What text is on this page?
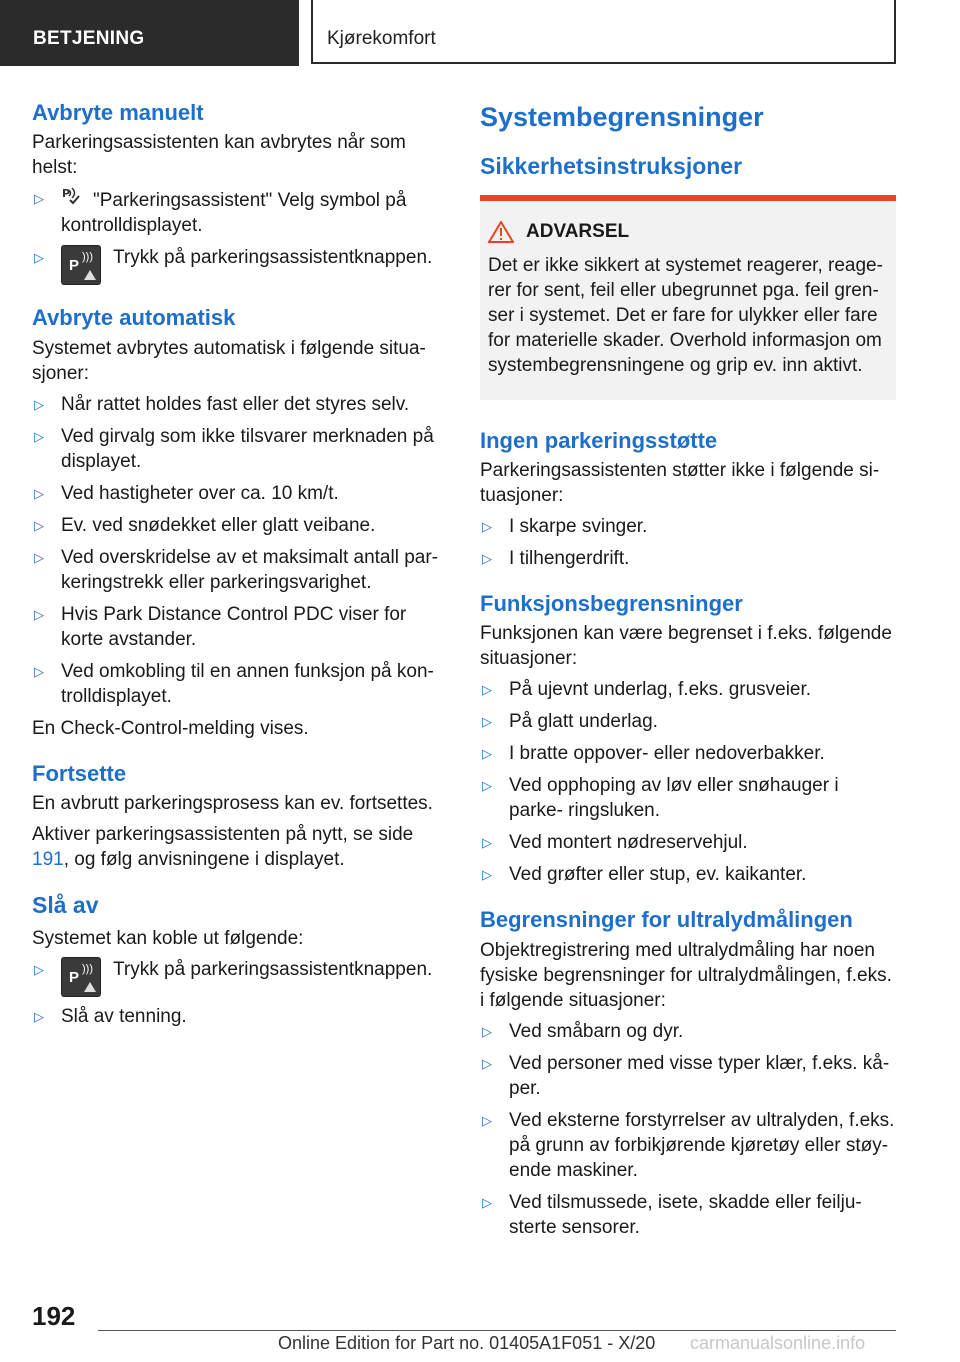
BETJENING	Kjørekomfort
Avbryte manuelt

Parkeringsassistenten kan avbrytes når som helst:

▷ P "Parkeringsassistent" Velg symbol på kontrolldisplayet.
▷ P ))) Trykk på parkeringsassistentknappen.
Avbryte automatisk

Systemet avbrytes automatisk i følgende situa- sjoner:

▷ Når rattet holdes fast eller det styres selv.
▷ Ved girvalg som ikke tilsvarer merknaden på displayet.
▷ Ved hastigheter over ca. 10 km/t.
▷ Ev. ved snødekket eller glatt veibane.
▷ Ved overskridelse av et maksimalt antall par- keringstrekk eller parkeringsvarighet.
▷ Hvis Park Distance Control PDC viser for korte avstander.
▷ Ved omkobling til en annen funksjon på kon- trolldisplayet.

En Check-Control-melding vises.

Fortsette

En avbrutt parkeringsprosess kan ev. fortsettes.

Aktiver parkeringsassistenten på nytt, se side 191, og følg anvisningene i displayet.

Slå av

Systemet kan koble ut følgende:

▷ P ))) Trykk på parkeringsassistentknappen.
▷ Slå av tenning.
Systembegrensninger
Sikkerhetsinstruksjoner
ADVARSEL

Det er ikke sikkert at systemet reagerer, reage- rer for sent, feil eller ubegrunnet pga. feil gren- ser i systemet. Det er fare for ulykker eller fare for materielle skader. Overhold informasjon om systembegrensningene og grip ev. inn aktivt.

Ingen parkeringsstøtte

Parkeringsassistenten støtter ikke i følgende si- tuasjoner:

▷ I skarpe svinger.
▷ I tilhengerdrift.
Funksjonsbegrensninger

Funksjonen kan være begrenset i f.eks. følgende situasjoner:

▷ På ujevnt underlag, f.eks. grusveier.
▷ På glatt underlag.
▷ I bratte oppover- eller nedoverbakker.
▷ Ved opphoping av løv eller snøhauger i parke- ringsluken.
▷ Ved montert nødreservehjul.
▷ Ved grøfter eller stup, ev. kaikanter.
Begrensninger for ultralydmålingen

Objektregistrering med ultralydmåling har noen fysiske begrensninger for ultralydmålingen, f.eks. i følgende situasjoner:

▷ Ved småbarn og dyr.
▷ Ved personer med visse typer klær, f.eks. kå- per.
▷ Ved eksterne forstyrrelser av ultralyden, f.eks. på grunn av forbikjørende kjøretøy eller støy- ende maskiner.
▷ Ved tilsmussede, isete, skadde eller feilju- sterte sensorer.
192
Online Edition for Part no. 01405A1F051 - X/20 carmanualsonline.info
